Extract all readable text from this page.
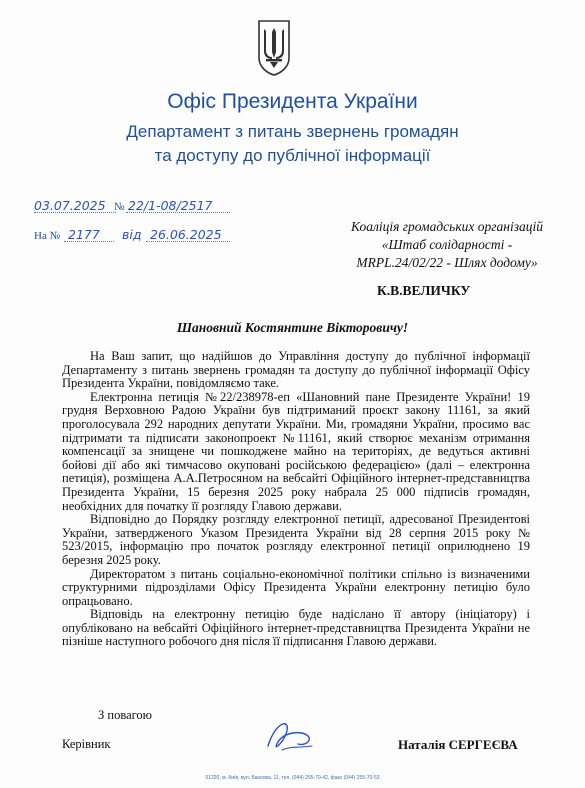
Офіс Президента України
Департамент з питань звернень громадян
та доступу до публічної інформації
03.07.2025 № 22/1-08/2517
На № 2177 від 26.06.2025
Коаліція громадських організацій
«Штаб солідарності -
MRPL.24/02/22 - Шлях додому»
К.В.ВЕЛИЧКУ
Шановний Костянтине Вікторовичу!

На Ваш запит, що надійшов до Управління доступу до публічної інформації Департаменту з питань звернень громадян та доступу до публічної інформації Офісу Президента України, повідомляємо таке.

Електронна петиція №22/238978-еп «Шановний пане Президенте України! 19 грудня Верховною Радою України був підтриманий проєкт закону 11161, за який проголосувала 292 народних депутати України. Ми, громадяни України, просимо вас підтримати та підписати законопроект №11161, який створює механізм отримання компенсації за знищене чи пошкоджене майно на територіях, де ведуться активні бойові дії або які тимчасово окуповані російською федерацією» (далі – електронна петиція), розміщена А.А.Петросяном на вебсайті Офіційного інтернет-представництва Президента України, 15 березня 2025 року набрала 25 000 підписів громадян, необхідних для початку її розгляду Главою держави.

Відповідно до Порядку розгляду електронної петиції, адресованої Президентові України, затвердженого Указом Президента України від 28 серпня 2015 року № 523/2015, інформацію про початок розгляду електронної петиції оприлюднено 19 березня 2025 року.

Директоратом з питань соціально-економічної політики спільно із визначеними структурними підрозділами Офісу Президента України електронну петицію було опрацьовано.

Відповідь на електронну петицію буде надіслано її автору (ініціатору) і опубліковано на вебсайті Офіційного інтернет-представництва Президента України не пізніше наступного робочого дня після її підписання Главою держави.

З повагою
Керівник	Наталія СЕРГЕЄВА
01220, м. Київ, вул. Банкова, 11, тел. (044) 255-70-42, факс (044) 255-70-53
